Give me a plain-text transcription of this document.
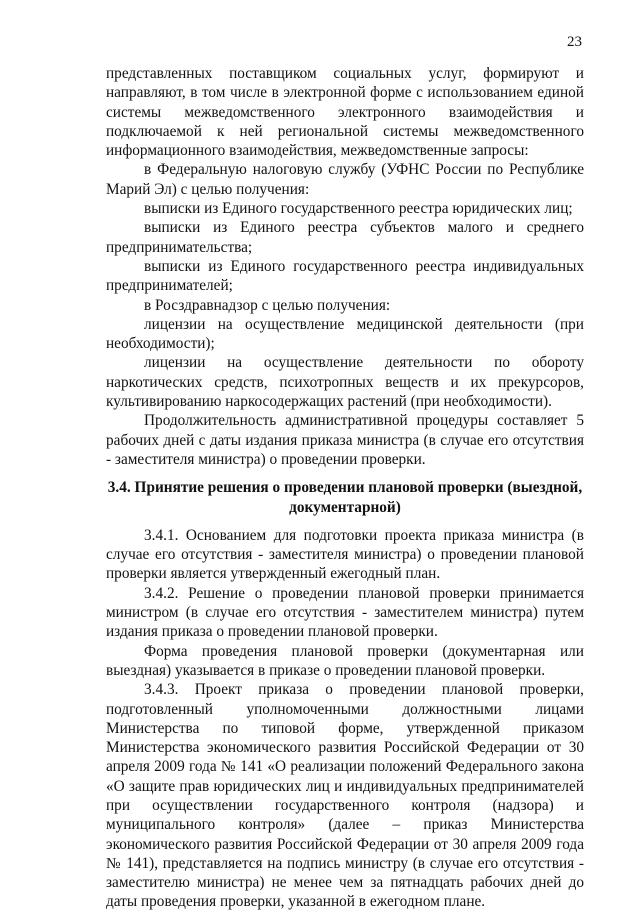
23

представленных поставщиком социальных услуг, формируют и направляют, в том числе в электронной форме с использованием единой системы межведомственного электронного взаимодействия и подключаемой к ней региональной системы межведомственного информационного взаимодействия, межведомственные запросы:

в Федеральную налоговую службу (УФНС России по Республике Марий Эл) с целью получения:

выписки из Единого государственного реестра юридических лиц;

выписки из Единого реестра субъектов малого и среднего предпринимательства;

выписки из Единого государственного реестра индивидуальных предпринимателей;

в Росздравнадзор с целью получения:

лицензии на осуществление медицинской деятельности (при необходимости);

лицензии на осуществление деятельности по обороту наркотических средств, психотропных веществ и их прекурсоров, культивированию наркосодержащих растений (при необходимости).

Продолжительность административной процедуры составляет 5 рабочих дней с даты издания приказа министра (в случае его отсутствия - заместителя министра) о проведении проверки.

3.4. Принятие решения о проведении плановой проверки (выездной, документарной)

3.4.1. Основанием для подготовки проекта приказа министра (в случае его отсутствия - заместителя министра) о проведении плановой проверки является утвержденный ежегодный план.

3.4.2. Решение о проведении плановой проверки принимается министром (в случае его отсутствия - заместителем министра) путем издания приказа о проведении плановой проверки.

Форма проведения плановой проверки (документарная или выездная) указывается в приказе о проведении плановой проверки.

3.4.3. Проект приказа о проведении плановой проверки, подготовленный уполномоченными должностными лицами Министерства по типовой форме, утвержденной приказом Министерства экономического развития Российской Федерации от 30 апреля 2009 года № 141 «О реализации положений Федерального закона «О защите прав юридических лиц и индивидуальных предпринимателей при осуществлении государственного контроля (надзора) и муниципального контроля» (далее – приказ Министерства экономического развития Российской Федерации от 30 апреля 2009 года № 141), представляется на подпись министру (в случае его отсутствия - заместителю министра) не менее чем за пятнадцать рабочих дней до даты проведения проверки, указанной в ежегодном плане.
